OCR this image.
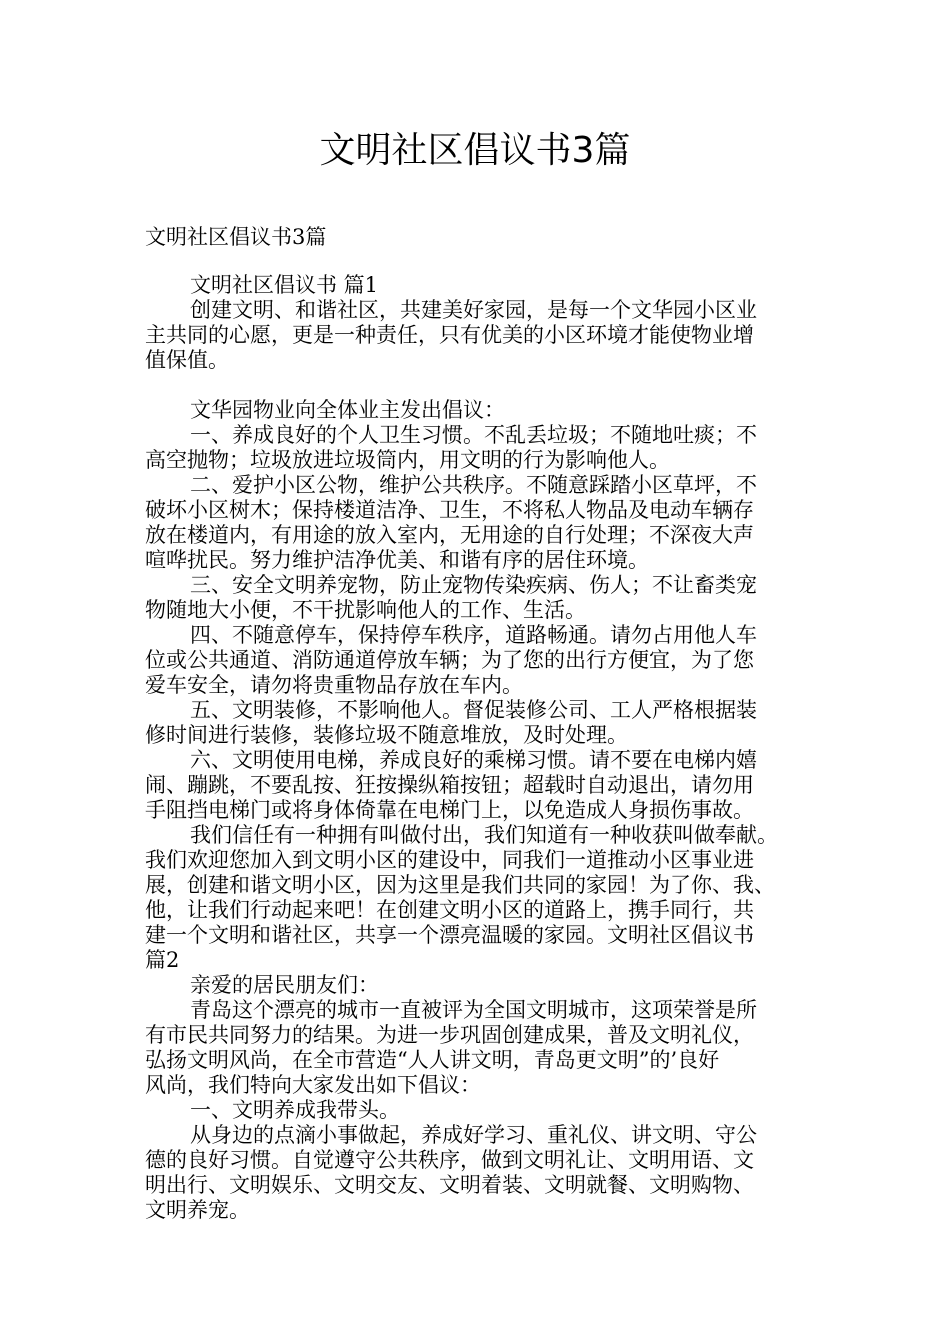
文明社区倡议书3篇

文明社区倡议书3篇

文明社区倡议书 篇1

创建文明、和谐社区，共建美好家园，是每一个文华园小区业

主共同的心愿，更是一种责任，只有优美的小区环境才能使物业增

值保值。

文华园物业向全体业主发出倡议：

一、养成良好的个人卫生习惯。不乱丢垃圾；不随地吐痰；不

高空抛物；垃圾放进垃圾筒内，用文明的行为影响他人。

二、爱护小区公物，维护公共秩序。不随意踩踏小区草坪，不

破坏小区树木；保持楼道洁净、卫生，不将私人物品及电动车辆存

放在楼道内，有用途的放入室内，无用途的自行处理；不深夜大声

喧哗扰民。努力维护洁净优美、和谐有序的居住环境。

三、安全文明养宠物，防止宠物传染疾病、伤人；不让畜类宠

物随地大小便，不干扰影响他人的工作、生活。

四、不随意停车，保持停车秩序，道路畅通。请勿占用他人车

位或公共通道、消防通道停放车辆；为了您的出行方便宜，为了您

爱车安全，请勿将贵重物品存放在车内。

五、文明装修，不影响他人。督促装修公司、工人严格根据装

修时间进行装修，装修垃圾不随意堆放，及时处理。

六、文明使用电梯，养成良好的乘梯习惯。请不要在电梯内嬉

闹、蹦跳，不要乱按、狂按操纵箱按钮；超载时自动退出，请勿用

手阻挡电梯门或将身体倚靠在电梯门上，以免造成人身损伤事故。

我们信任有一种拥有叫做付出，我们知道有一种收获叫做奉献。

我们欢迎您加入到文明小区的建设中，同我们一道推动小区事业进

展，创建和谐文明小区，因为这里是我们共同的家园！为了你、我、

他，让我们行动起来吧！在创建文明小区的道路上，携手同行，共

建一个文明和谐社区，共享一个漂亮温暖的家园。文明社区倡议书

篇2

亲爱的居民朋友们：

青岛这个漂亮的城市一直被评为全国文明城市，这项荣誉是所

有市民共同努力的结果。为进一步巩固创建成果，普及文明礼仪，

弘扬文明风尚，在全市营造“人人讲文明，青岛更文明”的’良好

风尚，我们特向大家发出如下倡议：

一、文明养成我带头。

从身边的点滴小事做起，养成好学习、重礼仪、讲文明、守公

德的良好习惯。自觉遵守公共秩序，做到文明礼让、文明用语、文

明出行、文明娱乐、文明交友、文明着装、文明就餐、文明购物、

文明养宠。
